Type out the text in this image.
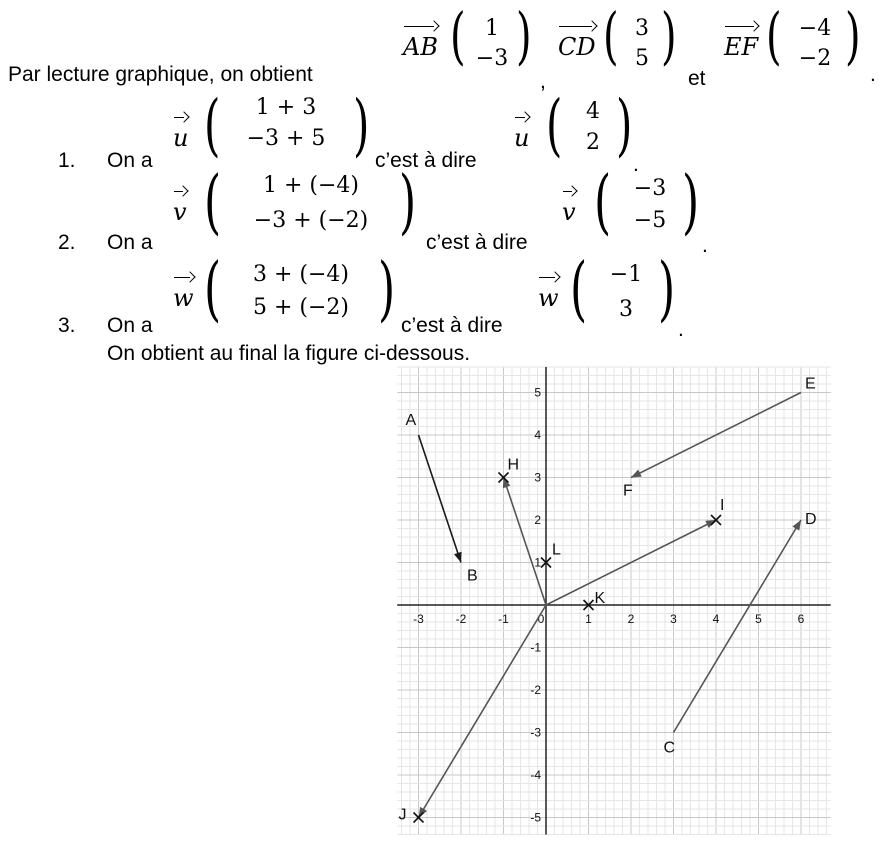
Par lecture graphique, on obtient
AB ( 1
−3 )
,
CD ( 3
5 )
et
EF ( −4
−2 )
.
1. On a
u (	1 + 3
−3 + 5 ) c’est à dire
u (	4
2 )
.
2. On a
v (	1 + (−4)
−3 + (−2) ) c’est à dire
v (	−3
−5 )
.
3. On a
w (	3 + (−4)
5 + (−2) ) c’est à dire
w (	−1
3 ) .
On obtient au final la figure ci-dessous.
-3	-2	-1 0	1	2	3	4	5	6
5
4
3
2
1
-1
-2
-3
-4
-5
A
B
C
D
E
F
H
I
J
K
L
